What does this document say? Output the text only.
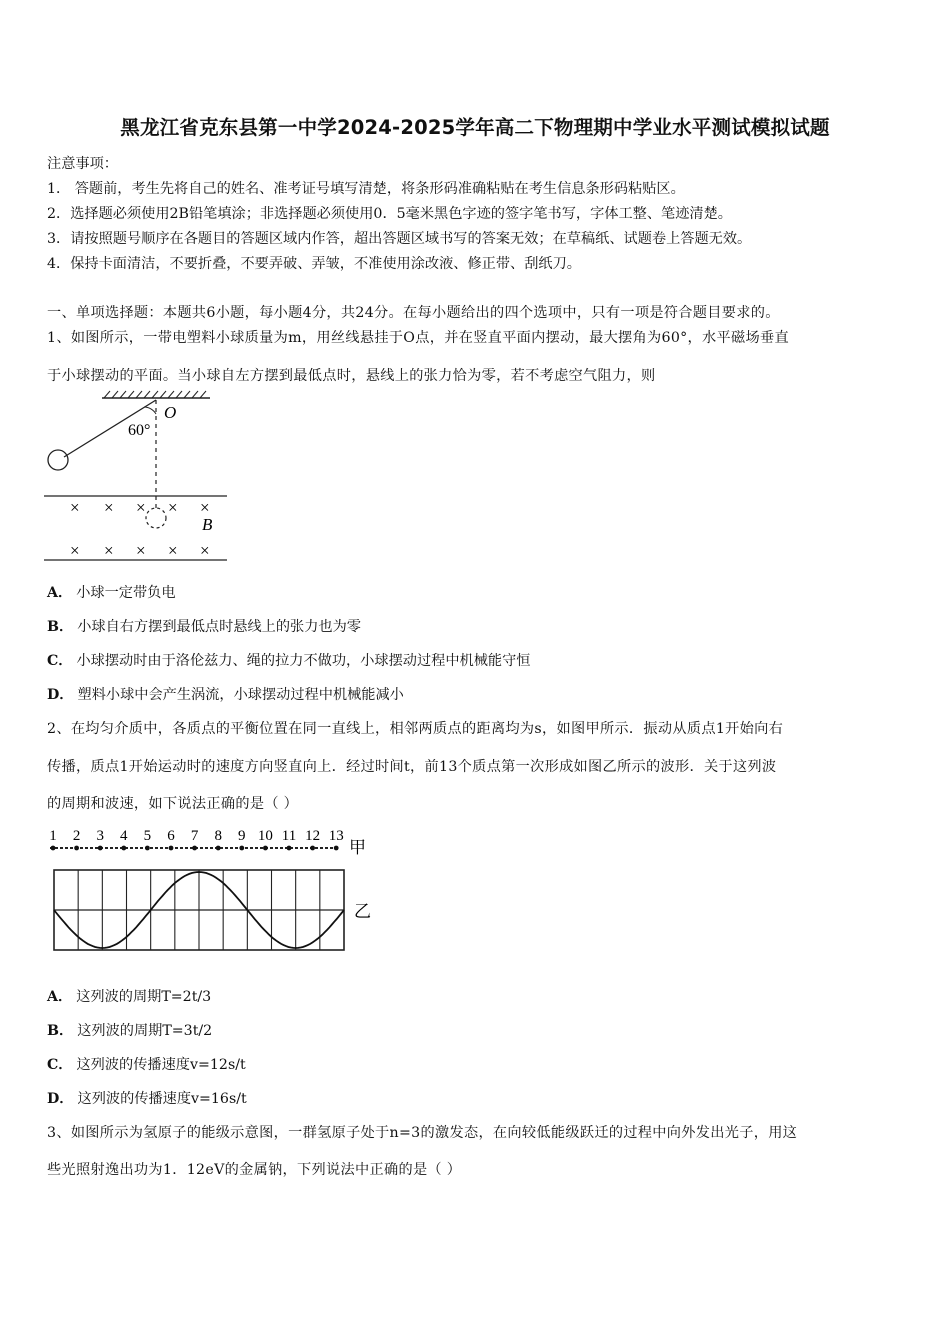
黑龙江省克东县第一中学2024-2025学年高二下物理期中学业水平测试模拟试题
注意事项：
1． 答题前，考生先将自己的姓名、准考证号填写清楚，将条形码准确粘贴在考生信息条形码粘贴区。
2．选择题必须使用2B铅笔填涂；非选择题必须使用0．5毫米黑色字迹的签字笔书写，字体工整、笔迹清楚。
3．请按照题号顺序在各题目的答题区域内作答，超出答题区域书写的答案无效；在草稿纸、试题卷上答题无效。
4．保持卡面清洁，不要折叠，不要弄破、弄皱，不准使用涂改液、修正带、刮纸刀。
一、单项选择题：本题共6小题，每小题4分，共24分。在每小题给出的四个选项中，只有一项是符合题目要求的。
1、如图所示，一带电塑料小球质量为m，用丝线悬挂于O点，并在竖直平面内摆动，最大摆角为60°，水平磁场垂直
于小球摆动的平面。当小球自左方摆到最低点时，悬线上的张力恰为零，若不考虑空气阻力，则
O
60°
× × × × ×
× × × × ×
B
A． 小球一定带负电
B． 小球自右方摆到最低点时悬线上的张力也为零
C． 小球摆动时由于洛伦兹力、绳的拉力不做功，小球摆动过程中机械能守恒
D． 塑料小球中会产生涡流，小球摆动过程中机械能减小
2、在均匀介质中，各质点的平衡位置在同一直线上，相邻两质点的距离均为s，如图甲所示．振动从质点1开始向右
传播，质点1开始运动时的速度方向竖直向上．经过时间t，前13个质点第一次形成如图乙所示的波形．关于这列波
的周期和波速，如下说法正确的是（ ）
1 2 3 4 5 6 7 8 9 10 11 12 13
甲
乙
A． 这列波的周期T=2t/3
B． 这列波的周期T=3t/2
C． 这列波的传播速度v=12s/t
D． 这列波的传播速度v=16s/t
3、如图所示为氢原子的能级示意图，一群氢原子处于n=3的激发态，在向较低能级跃迁的过程中向外发出光子，用这
些光照射逸出功为1．12eV的金属钠，下列说法中正确的是（ ）
